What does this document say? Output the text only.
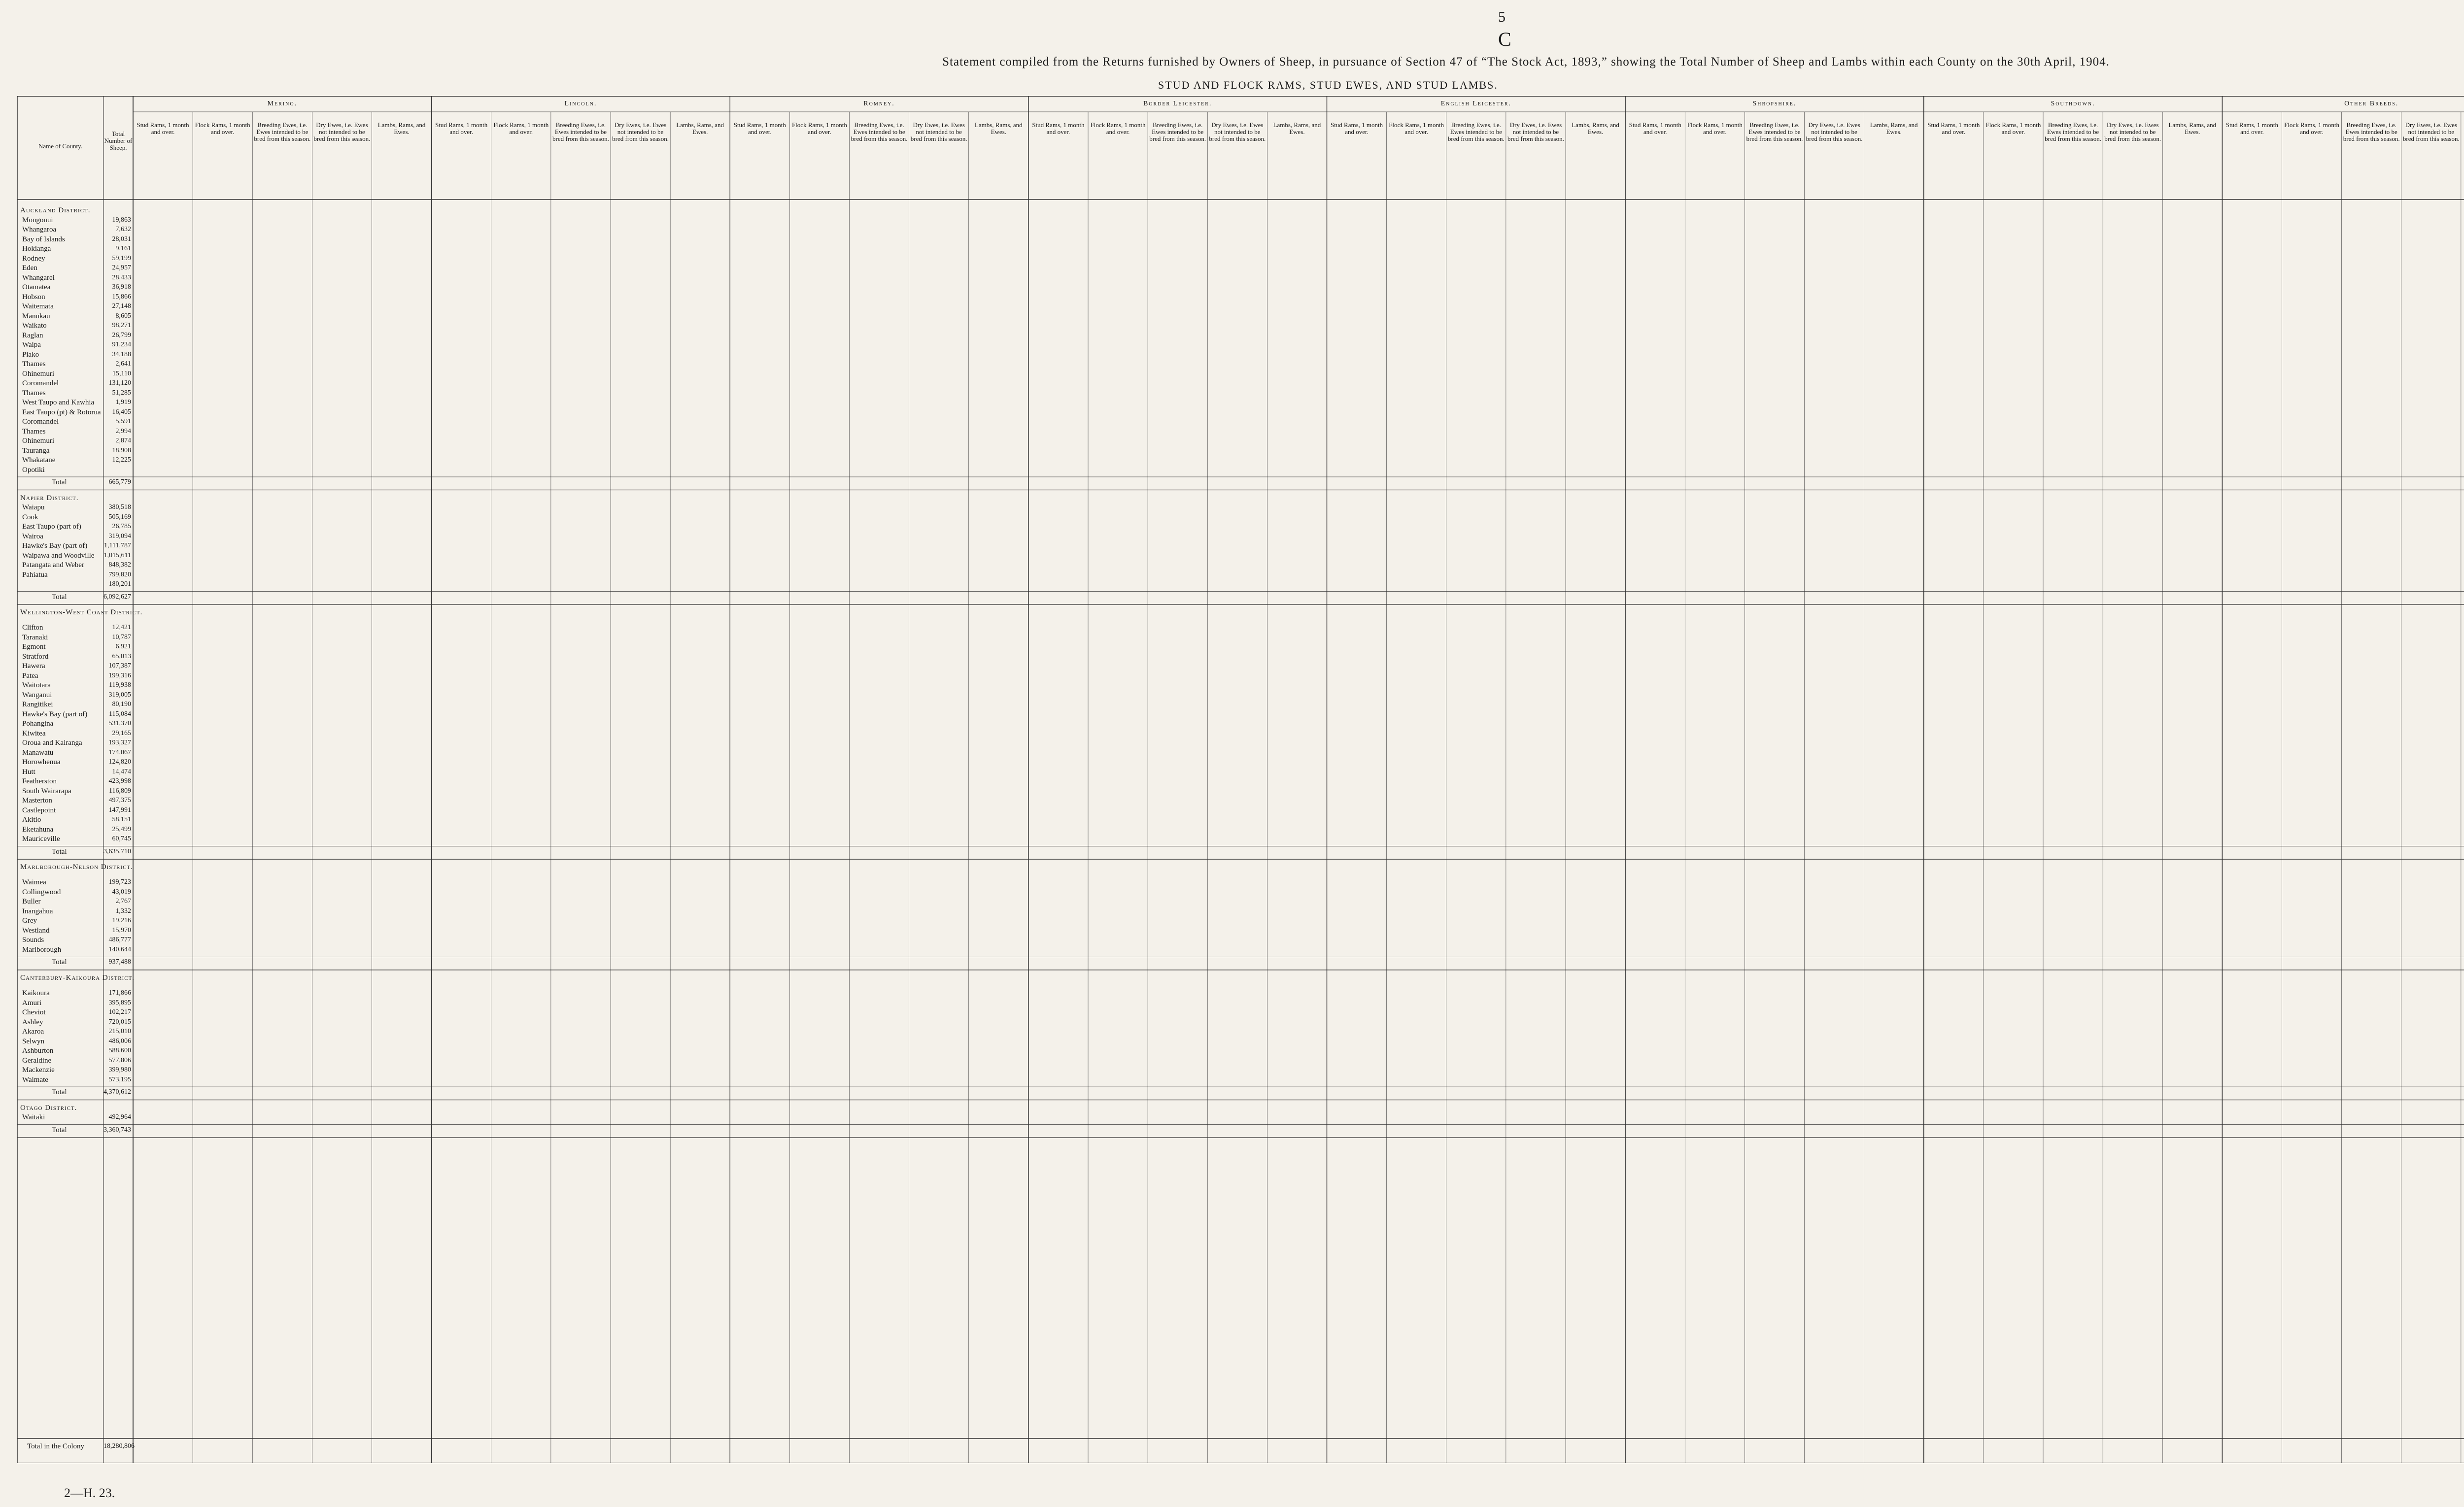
5
C
Statement compiled from the Returns furnished by Owners of Sheep, in pursuance of Section 47 of “The Stock Act, 1893,” showing the Total Number of Sheep and Lambs within each County on the 30th April, 1904.
STUD AND FLOCK RAMS, STUD EWES, AND STUD LAMBS.
Name of County.
Total Number of Sheep.
Merino.
Stud Rams, 1 month and over.
Flock Rams, 1 month and over.
Breeding Ewes, i.e. Ewes intended to be bred from this season.
Dry Ewes, i.e. Ewes not intended to be bred from this season.
Lambs, Rams, and Ewes.
Lincoln.
Stud Rams, 1 month and over.
Flock Rams, 1 month and over.
Breeding Ewes, i.e. Ewes intended to be bred from this season.
Dry Ewes, i.e. Ewes not intended to be bred from this season.
Lambs, Rams, and Ewes.
Romney.
Stud Rams, 1 month and over.
Flock Rams, 1 month and over.
Breeding Ewes, i.e. Ewes intended to be bred from this season.
Dry Ewes, i.e. Ewes not intended to be bred from this season.
Lambs, Rams, and Ewes.
Border Leicester.
Stud Rams, 1 month and over.
Flock Rams, 1 month and over.
Breeding Ewes, i.e. Ewes intended to be bred from this season.
Dry Ewes, i.e. Ewes not intended to be bred from this season.
Lambs, Rams, and Ewes.
English Leicester.
Stud Rams, 1 month and over.
Flock Rams, 1 month and over.
Breeding Ewes, i.e. Ewes intended to be bred from this season.
Dry Ewes, i.e. Ewes not intended to be bred from this season.
Lambs, Rams, and Ewes.
Shropshire.
Stud Rams, 1 month and over.
Flock Rams, 1 month and over.
Breeding Ewes, i.e. Ewes intended to be bred from this season.
Dry Ewes, i.e. Ewes not intended to be bred from this season.
Lambs, Rams, and Ewes.
Southdown.
Stud Rams, 1 month and over.
Flock Rams, 1 month and over.
Breeding Ewes, i.e. Ewes intended to be bred from this season.
Dry Ewes, i.e. Ewes not intended to be bred from this season.
Lambs, Rams, and Ewes.
Other Breeds.
Stud Rams, 1 month and over.
Flock Rams, 1 month and over.
Breeding Ewes, i.e. Ewes intended to be bred from this season.
Dry Ewes, i.e. Ewes not intended to be bred from this season.
Auckland District.
Mongonui	19,863
Whangaroa	7,632
Bay of Islands	28,031
Hokianga	9,161
Rodney	59,199
Eden	24,957
Whangarei	28,433
Otamatea	36,918
Hobson	15,866
Waitemata	27,148
Manukau	8,605
Waikato	98,271
Raglan	26,799
Waipa	91,234
Piako	34,188
Thames	2,641
Ohinemuri	15,110
Coromandel	131,120
Thames	51,285
West Taupo and Kawhia	1,919
East Taupo (pt) & Rotorua	16,405
Coromandel	5,591
Thames	2,994
Ohinemuri	2,874
Tauranga	18,908
Whakatane	12,225
Opotiki
Total	665,779
Napier District.
Waiapu	380,518
Cook	505,169
East Taupo (part of)	26,785
Wairoa	319,094
Hawke's Bay (part of)	1,111,787
Waipawa and Woodville	1,015,611
Patangata and Weber	848,382
Pahiatua	799,820
180,201
Total	6,092,627
Wellington-West Coast District.
Clifton	12,421
Taranaki	10,787
Egmont	6,921
Stratford	65,013
Hawera	107,387
Patea	199,316
Waitotara	119,938
Wanganui	319,005
Rangitikei	80,190
Hawke's Bay (part of)	115,084
Pohangina	531,370
Kiwitea	29,165
Oroua and Kairanga	193,327
Manawatu	174,067
Horowhenua	124,820
Hutt	14,474
Featherston	423,998
South Wairarapa	116,809
Masterton	497,375
Castlepoint	147,991
Akitio	58,151
Eketahuna	25,499
Mauriceville	60,745
Total	3,635,710
Marlborough-Nelson District.
Waimea	199,723
Collingwood	43,019
Buller	2,767
Inangahua	1,332
Grey	19,216
Westland	15,970
Sounds	486,777
Marlborough	140,644
Total	937,488
Canterbury-Kaikoura District.
Kaikoura	171,866
Amuri	395,895
Cheviot	102,217
Ashley	720,015
Akaroa	215,010
Selwyn	486,006
Ashburton	588,600
Geraldine	577,806
Mackenzie	399,980
Waimate	573,195
Total	4,370,612
Otago District.
Waitaki	492,964
Total	3,360,743
Total in the Colony	18,280,806
2—H. 23.
